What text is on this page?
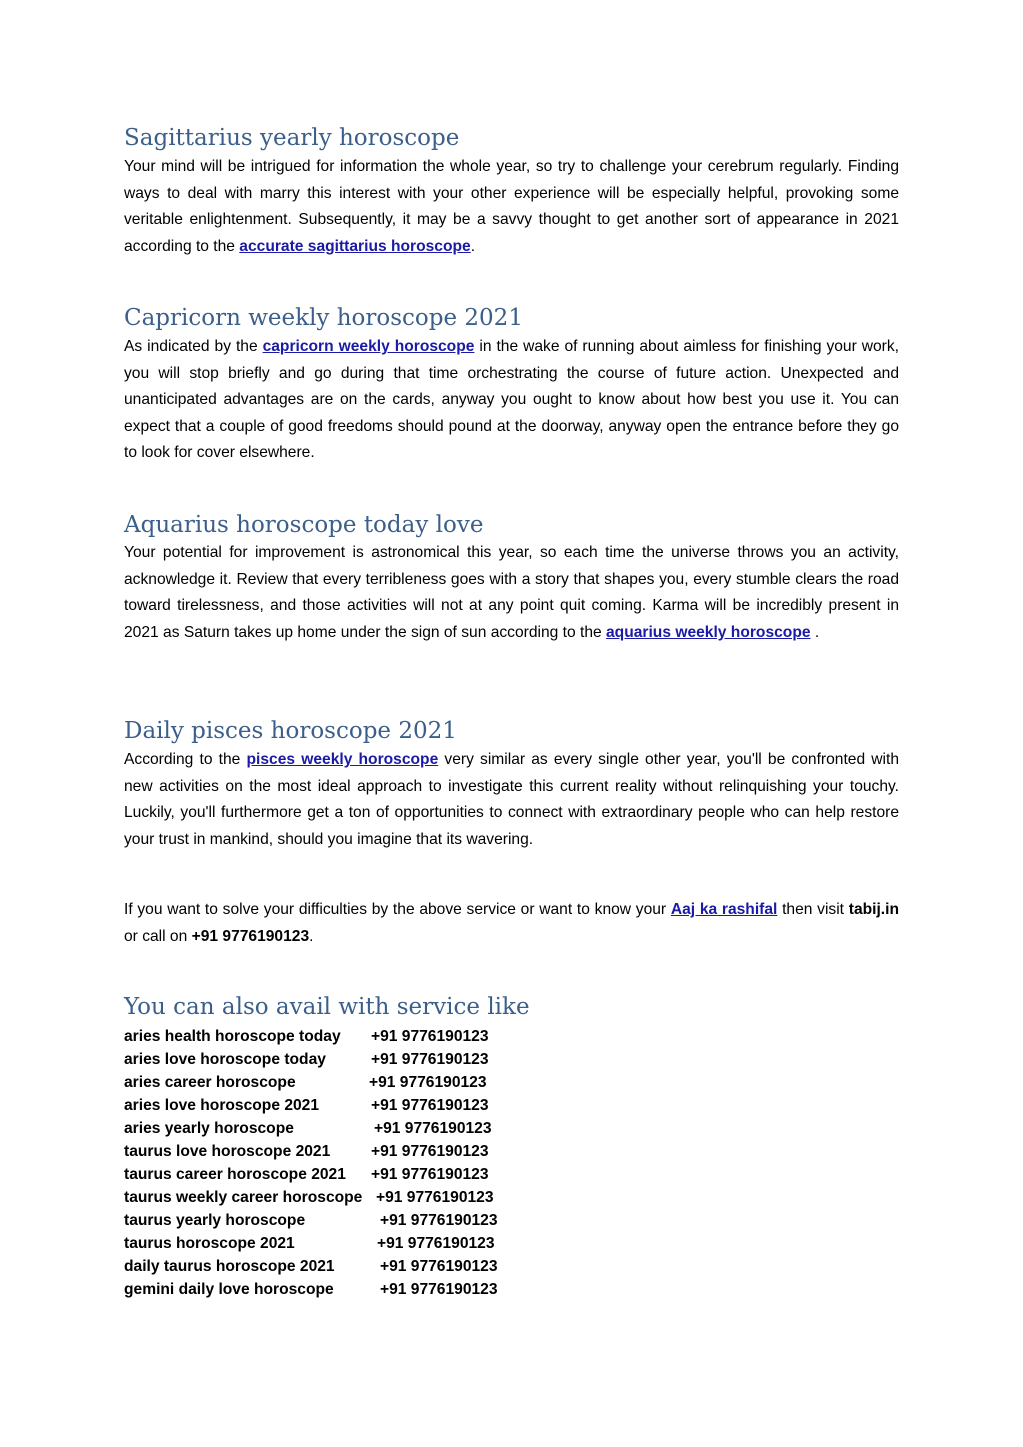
Sagittarius yearly horoscope

Your mind will be intrigued for information the whole year, so try to challenge your cerebrum regularly. Finding ways to deal with marry this interest with your other experience will be especially helpful, provoking some veritable enlightenment. Subsequently, it may be a savvy thought to get another sort of appearance in 2021 according to the accurate sagittarius horoscope.

Capricorn weekly horoscope 2021

As indicated by the capricorn weekly horoscope in the wake of running about aimless for finishing your work, you will stop briefly and go during that time orchestrating the course of future action. Unexpected and unanticipated advantages are on the cards, anyway you ought to know about how best you use it. You can expect that a couple of good freedoms should pound at the doorway, anyway open the entrance before they go to look for cover elsewhere.

Aquarius horoscope today love

Your potential for improvement is astronomical this year, so each time the universe throws you an activity, acknowledge it. Review that every terribleness goes with a story that shapes you, every stumble clears the road toward tirelessness, and those activities will not at any point quit coming. Karma will be incredibly present in 2021 as Saturn takes up home under the sign of sun according to the aquarius weekly horoscope .

Daily pisces horoscope 2021

According to the pisces weekly horoscope very similar as every single other year, you'll be confronted with new activities on the most ideal approach to investigate this current reality without relinquishing your touchy. Luckily, you'll furthermore get a ton of opportunities to connect with extraordinary people who can help restore your trust in mankind, should you imagine that its wavering.

If you want to solve your difficulties by the above service or want to know your Aaj ka rashifal then visit tabij.in or call on +91 9776190123.

You can also avail with service like
aries health horoscope today +91 9776190123
aries love horoscope today	+91 9776190123
aries career horoscope	+91 9776190123
aries love horoscope 2021	+91 9776190123
aries yearly horoscope	+91 9776190123
taurus love horoscope 2021	+91 9776190123
taurus career horoscope 2021 +91 9776190123
taurus weekly career horoscope +91 9776190123
taurus yearly horoscope	+91 9776190123
taurus horoscope 2021	+91 9776190123
daily taurus horoscope 2021	+91 9776190123
gemini daily love horoscope	+91 9776190123
